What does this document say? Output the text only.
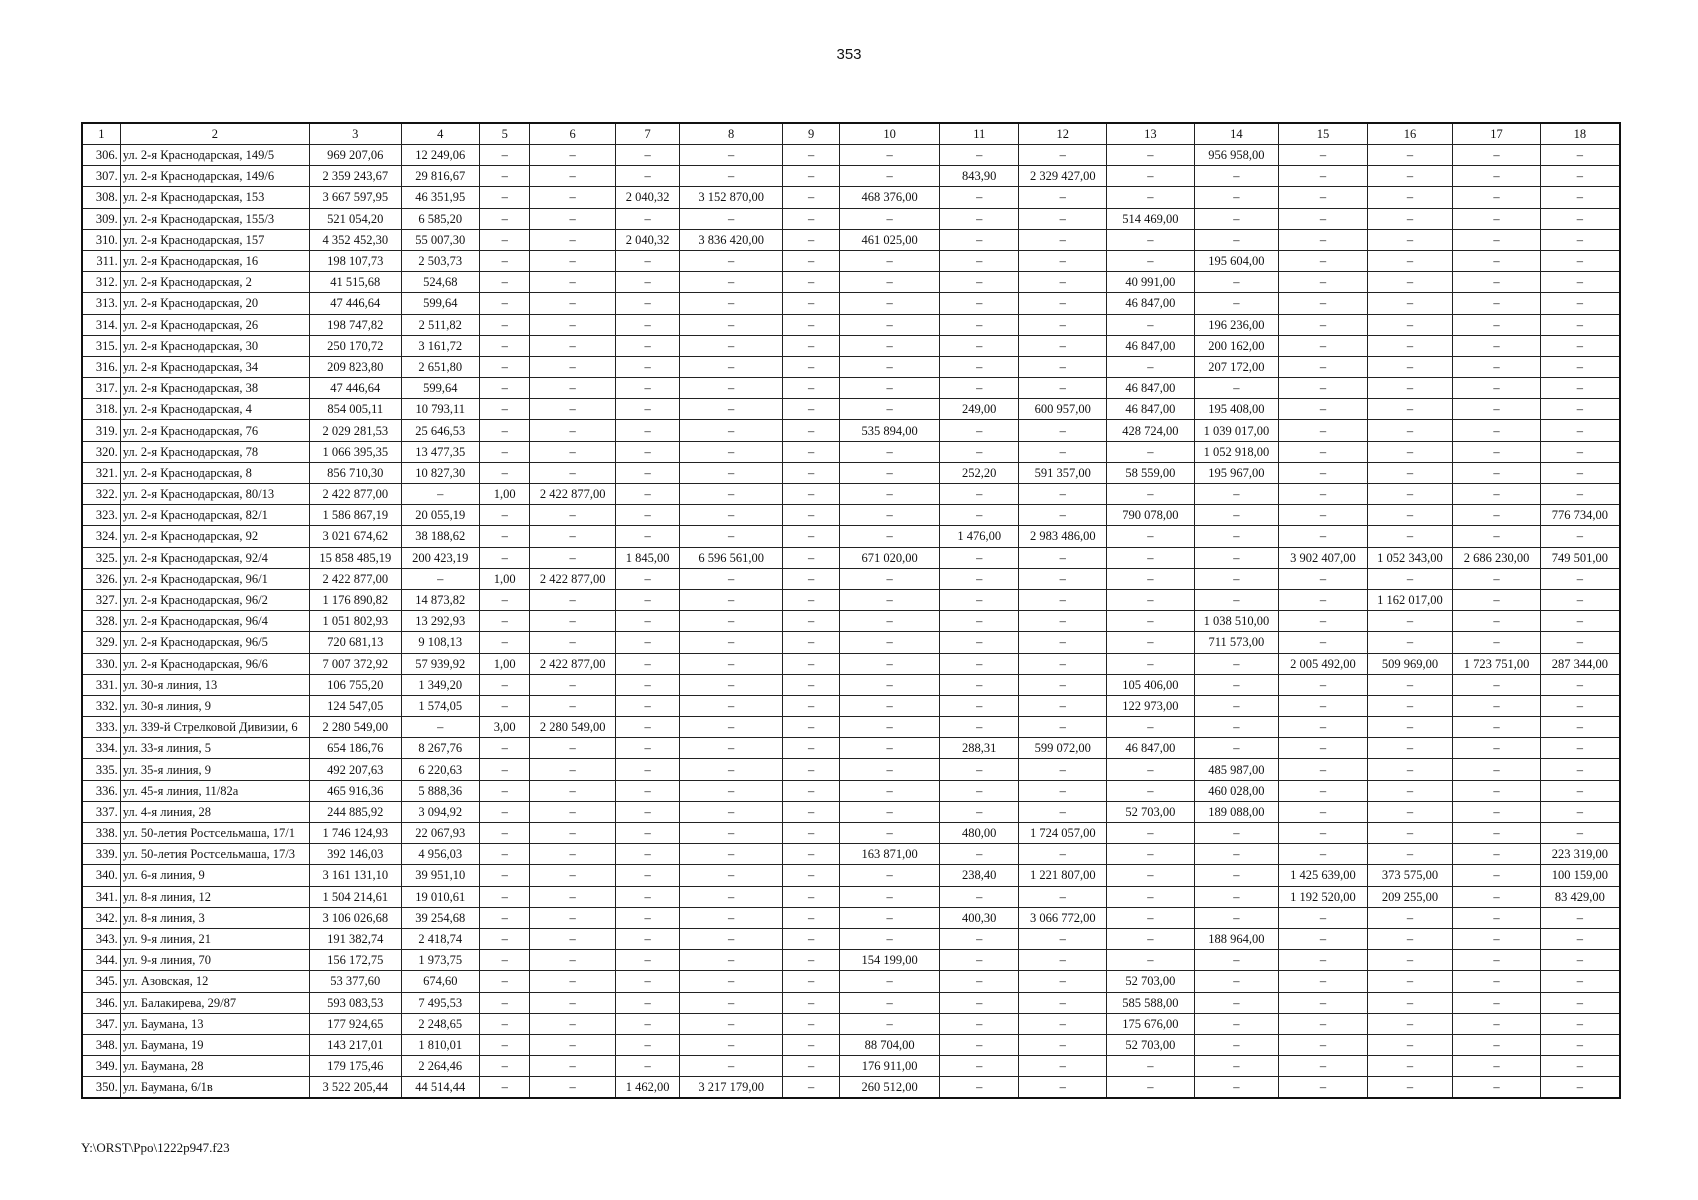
353
1	2	3	4	5	6	7	8	9	10	11	12	13	14	15	16	17	18
306.	ул. 2-я Краснодарская, 149/5	969 207,06	12 249,06	–	–	–	–	–	–	–	–	–	956 958,00	–	–	–	–
307.	ул. 2-я Краснодарская, 149/6	2 359 243,67	29 816,67	–	–	–	–	–	–	843,90	2 329 427,00	–	–	–	–	–	–
308.	ул. 2-я Краснодарская, 153	3 667 597,95	46 351,95	–	–	2 040,32	3 152 870,00	–	468 376,00	–	–	–	–	–	–	–	–
309.	ул. 2-я Краснодарская, 155/3	521 054,20	6 585,20	–	–	–	–	–	–	–	–	514 469,00	–	–	–	–	–
310.	ул. 2-я Краснодарская, 157	4 352 452,30	55 007,30	–	–	2 040,32	3 836 420,00	–	461 025,00	–	–	–	–	–	–	–	–
311.	ул. 2-я Краснодарская, 16	198 107,73	2 503,73	–	–	–	–	–	–	–	–	–	195 604,00	–	–	–	–
312.	ул. 2-я Краснодарская, 2	41 515,68	524,68	–	–	–	–	–	–	–	–	40 991,00	–	–	–	–	–
313.	ул. 2-я Краснодарская, 20	47 446,64	599,64	–	–	–	–	–	–	–	–	46 847,00	–	–	–	–	–
314.	ул. 2-я Краснодарская, 26	198 747,82	2 511,82	–	–	–	–	–	–	–	–	–	196 236,00	–	–	–	–
315.	ул. 2-я Краснодарская, 30	250 170,72	3 161,72	–	–	–	–	–	–	–	–	46 847,00	200 162,00	–	–	–	–
316.	ул. 2-я Краснодарская, 34	209 823,80	2 651,80	–	–	–	–	–	–	–	–	–	207 172,00	–	–	–	–
317.	ул. 2-я Краснодарская, 38	47 446,64	599,64	–	–	–	–	–	–	–	–	46 847,00	–	–	–	–	–
318.	ул. 2-я Краснодарская, 4	854 005,11	10 793,11	–	–	–	–	–	–	249,00	600 957,00	46 847,00	195 408,00	–	–	–	–
319.	ул. 2-я Краснодарская, 76	2 029 281,53	25 646,53	–	–	–	–	–	535 894,00	–	–	428 724,00	1 039 017,00	–	–	–	–
320.	ул. 2-я Краснодарская, 78	1 066 395,35	13 477,35	–	–	–	–	–	–	–	–	–	1 052 918,00	–	–	–	–
321.	ул. 2-я Краснодарская, 8	856 710,30	10 827,30	–	–	–	–	–	–	252,20	591 357,00	58 559,00	195 967,00	–	–	–	–
322.	ул. 2-я Краснодарская, 80/13	2 422 877,00	–	1,00	2 422 877,00	–	–	–	–	–	–	–	–	–	–	–	–
323.	ул. 2-я Краснодарская, 82/1	1 586 867,19	20 055,19	–	–	–	–	–	–	–	–	790 078,00	–	–	–	–	776 734,00
324.	ул. 2-я Краснодарская, 92	3 021 674,62	38 188,62	–	–	–	–	–	–	1 476,00	2 983 486,00	–	–	–	–	–	–
325.	ул. 2-я Краснодарская, 92/4	15 858 485,19	200 423,19	–	–	1 845,00	6 596 561,00	–	671 020,00	–	–	–	–	3 902 407,00	1 052 343,00	2 686 230,00	749 501,00
326.	ул. 2-я Краснодарская, 96/1	2 422 877,00	–	1,00	2 422 877,00	–	–	–	–	–	–	–	–	–	–	–	–
327.	ул. 2-я Краснодарская, 96/2	1 176 890,82	14 873,82	–	–	–	–	–	–	–	–	–	–	–	1 162 017,00	–	–
328.	ул. 2-я Краснодарская, 96/4	1 051 802,93	13 292,93	–	–	–	–	–	–	–	–	–	1 038 510,00	–	–	–	–
329.	ул. 2-я Краснодарская, 96/5	720 681,13	9 108,13	–	–	–	–	–	–	–	–	–	711 573,00	–	–	–	–
330.	ул. 2-я Краснодарская, 96/6	7 007 372,92	57 939,92	1,00	2 422 877,00	–	–	–	–	–	–	–	–	2 005 492,00	509 969,00	1 723 751,00	287 344,00
331.	ул. 30-я линия, 13	106 755,20	1 349,20	–	–	–	–	–	–	–	–	105 406,00	–	–	–	–	–
332.	ул. 30-я линия, 9	124 547,05	1 574,05	–	–	–	–	–	–	–	–	122 973,00	–	–	–	–	–
333.	ул. 339-й Стрелковой Дивизии, 6	2 280 549,00	–	3,00	2 280 549,00	–	–	–	–	–	–	–	–	–	–	–	–
334.	ул. 33-я линия, 5	654 186,76	8 267,76	–	–	–	–	–	–	288,31	599 072,00	46 847,00	–	–	–	–	–
335.	ул. 35-я линия, 9	492 207,63	6 220,63	–	–	–	–	–	–	–	–	–	485 987,00	–	–	–	–
336.	ул. 45-я линия, 11/82а	465 916,36	5 888,36	–	–	–	–	–	–	–	–	–	460 028,00	–	–	–	–
337.	ул. 4-я линия, 28	244 885,92	3 094,92	–	–	–	–	–	–	–	–	52 703,00	189 088,00	–	–	–	–
338.	ул. 50-летия Ростсельмаша, 17/1	1 746 124,93	22 067,93	–	–	–	–	–	–	480,00	1 724 057,00	–	–	–	–	–	–
339.	ул. 50-летия Ростсельмаша, 17/3	392 146,03	4 956,03	–	–	–	–	–	163 871,00	–	–	–	–	–	–	–	223 319,00
340.	ул. 6-я линия, 9	3 161 131,10	39 951,10	–	–	–	–	–	–	238,40	1 221 807,00	–	–	1 425 639,00	373 575,00	–	100 159,00
341.	ул. 8-я линия, 12	1 504 214,61	19 010,61	–	–	–	–	–	–	–	–	–	–	1 192 520,00	209 255,00	–	83 429,00
342.	ул. 8-я линия, 3	3 106 026,68	39 254,68	–	–	–	–	–	–	400,30	3 066 772,00	–	–	–	–	–	–
343.	ул. 9-я линия, 21	191 382,74	2 418,74	–	–	–	–	–	–	–	–	–	188 964,00	–	–	–	–
344.	ул. 9-я линия, 70	156 172,75	1 973,75	–	–	–	–	–	154 199,00	–	–	–	–	–	–	–	–
345.	ул. Азовская, 12	53 377,60	674,60	–	–	–	–	–	–	–	–	52 703,00	–	–	–	–	–
346.	ул. Балакирева, 29/87	593 083,53	7 495,53	–	–	–	–	–	–	–	–	585 588,00	–	–	–	–	–
347.	ул. Баумана, 13	177 924,65	2 248,65	–	–	–	–	–	–	–	–	175 676,00	–	–	–	–	–
348.	ул. Баумана, 19	143 217,01	1 810,01	–	–	–	–	–	88 704,00	–	–	52 703,00	–	–	–	–	–
349.	ул. Баумана, 28	179 175,46	2 264,46	–	–	–	–	–	176 911,00	–	–	–	–	–	–	–	–
350.	ул. Баумана, 6/1в	3 522 205,44	44 514,44	–	–	1 462,00	3 217 179,00	–	260 512,00	–	–	–	–	–	–	–	–
Y:\ORST\Ppo\1222p947.f23
